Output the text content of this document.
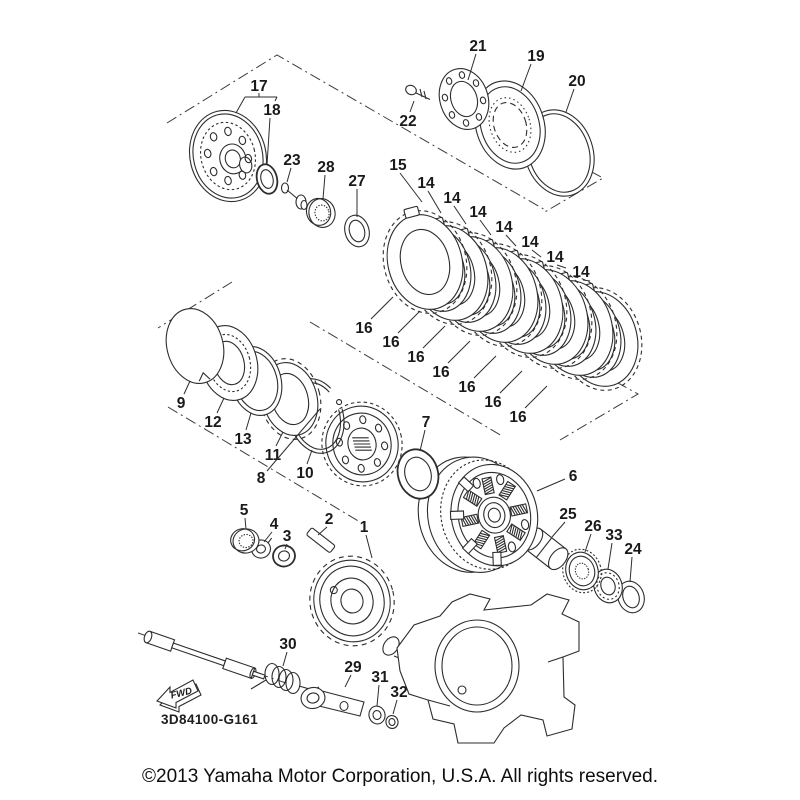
FWD
17
18
21
19
20
22
23 28
27
15
14
14
14
14
14
14
14
16
16
16
16
16
16
16
9
12
13
11
8 10
7
6
5
4
3
2 1
25
26
33
24
30
29
31
32
3D84100-G161
©2013 Yamaha Motor Corporation, U.S.A. All rights reserved.
